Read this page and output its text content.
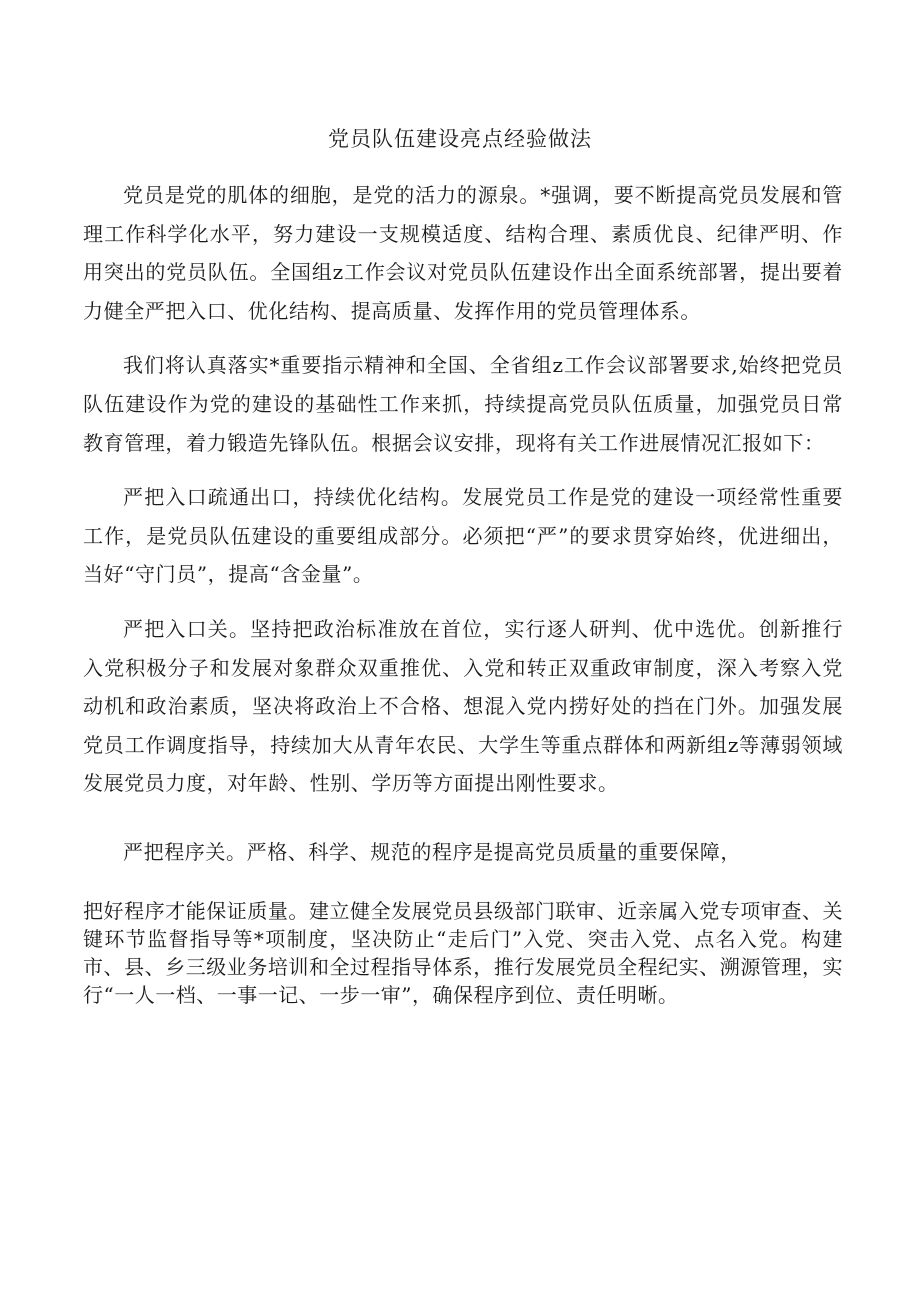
党员队伍建设亮点经验做法

党员是党的肌体的细胞，是党的活力的源泉。*强调，要不断提高党员发展和管理工作科学化水平，努力建设一支规模适度、结构合理、素质优良、纪律严明、作用突出的党员队伍。全国组z工作会议对党员队伍建设作出全面系统部署，提出要着力健全严把入口、优化结构、提高质量、发挥作用的党员管理体系。

我们将认真落实*重要指示精神和全国、全省组z工作会议部署要求,始终把党员队伍建设作为党的建设的基础性工作来抓，持续提高党员队伍质量，加强党员日常教育管理，着力锻造先锋队伍。根据会议安排，现将有关工作进展情况汇报如下：

严把入口疏通出口，持续优化结构。发展党员工作是党的建设一项经常性重要工作，是党员队伍建设的重要组成部分。必须把“严”的要求贯穿始终，优进细出，当好“守门员”，提高“含金量”。

严把入口关。坚持把政治标准放在首位，实行逐人研判、优中选优。创新推行入党积极分子和发展对象群众双重推优、入党和转正双重政审制度，深入考察入党动机和政治素质，坚决将政治上不合格、想混入党内捞好处的挡在门外。加强发展党员工作调度指导，持续加大从青年农民、大学生等重点群体和两新组z等薄弱领域发展党员力度，对年龄、性别、学历等方面提出刚性要求。

严把程序关。严格、科学、规范的程序是提高党员质量的重要保障，

把好程序才能保证质量。建立健全发展党员县级部门联审、近亲属入党专项审查、关键环节监督指导等*项制度，坚决防止“走后门”入党、突击入党、点名入党。构建市、县、乡三级业务培训和全过程指导体系，推行发展党员全程纪实、溯源管理，实行“一人一档、一事一记、一步一审”，确保程序到位、责任明晰。
